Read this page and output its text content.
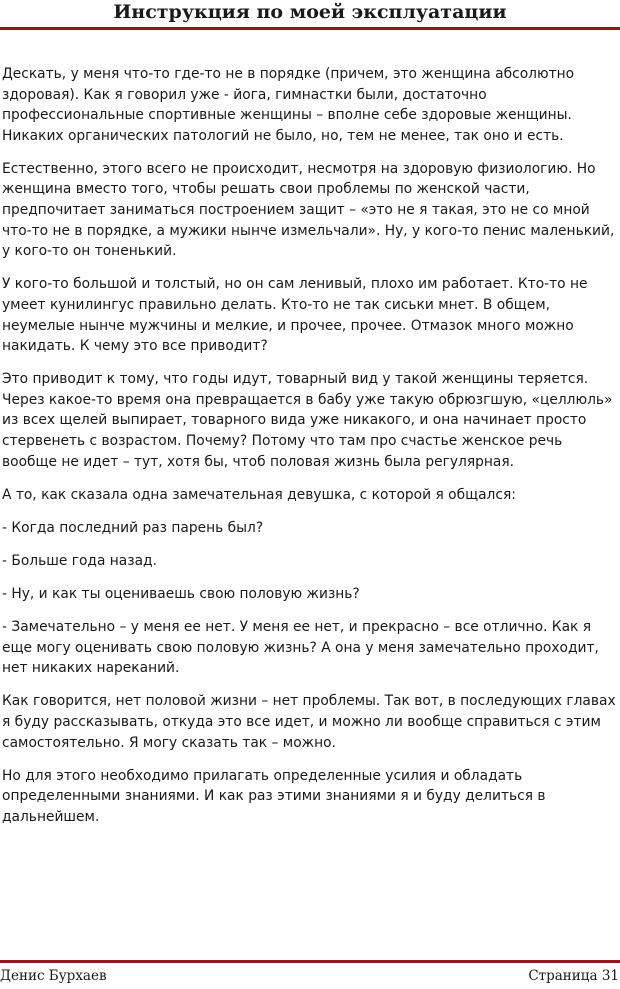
Инструкция по моей эксплуатации

Дескать, у меня что-то где-то не в порядке (причем, это женщина абсолютно здоровая). Как я говорил уже - йога, гимнастки были, достаточно профессиональные спортивные женщины – вполне себе здоровые женщины. Никаких органических патологий не было, но, тем не менее, так оно и есть.

Естественно, этого всего не происходит, несмотря на здоровую физиологию. Но женщина вместо того, чтобы решать свои проблемы по женской части, предпочитает заниматься построением защит – «это не я такая, это не со мной что-то не в порядке, а мужики нынче измельчали». Ну, у кого-то пенис маленький, у кого-то он тоненький.

У кого-то большой и толстый, но он сам ленивый, плохо им работает. Кто-то не умеет кунилингус правильно делать. Кто-то не так сиськи мнет. В общем, неумелые нынче мужчины и мелкие, и прочее, прочее. Отмазок много можно накидать. К чему это все приводит?

Это приводит к тому, что годы идут, товарный вид у такой женщины теряется. Через какое-то время она превращается в бабу уже такую обрюзгшую, «целлюль» из всех щелей выпирает, товарного вида уже никакого, и она начинает просто стервенеть с возрастом. Почему? Потому что там про счастье женское речь вообще не идет – тут, хотя бы, чтоб половая жизнь была регулярная.

А то, как сказала одна замечательная девушка, с которой я общался:

- Когда последний раз парень был?

- Больше года назад.

- Ну, и как ты оцениваешь свою половую жизнь?

- Замечательно – у меня ее нет. У меня ее нет, и прекрасно – все отлично. Как я еще могу оценивать свою половую жизнь? А она у меня замечательно проходит, нет никаких нареканий.

Как говорится, нет половой жизни – нет проблемы. Так вот, в последующих главах я буду рассказывать, откуда это все идет, и можно ли вообще справиться с этим самостоятельно. Я могу сказать так – можно.

Но для этого необходимо прилагать определенные усилия и обладать определенными знаниями. И как раз этими знаниями я и буду делиться в дальнейшем.

Денис Бурхаев	Страница 31
